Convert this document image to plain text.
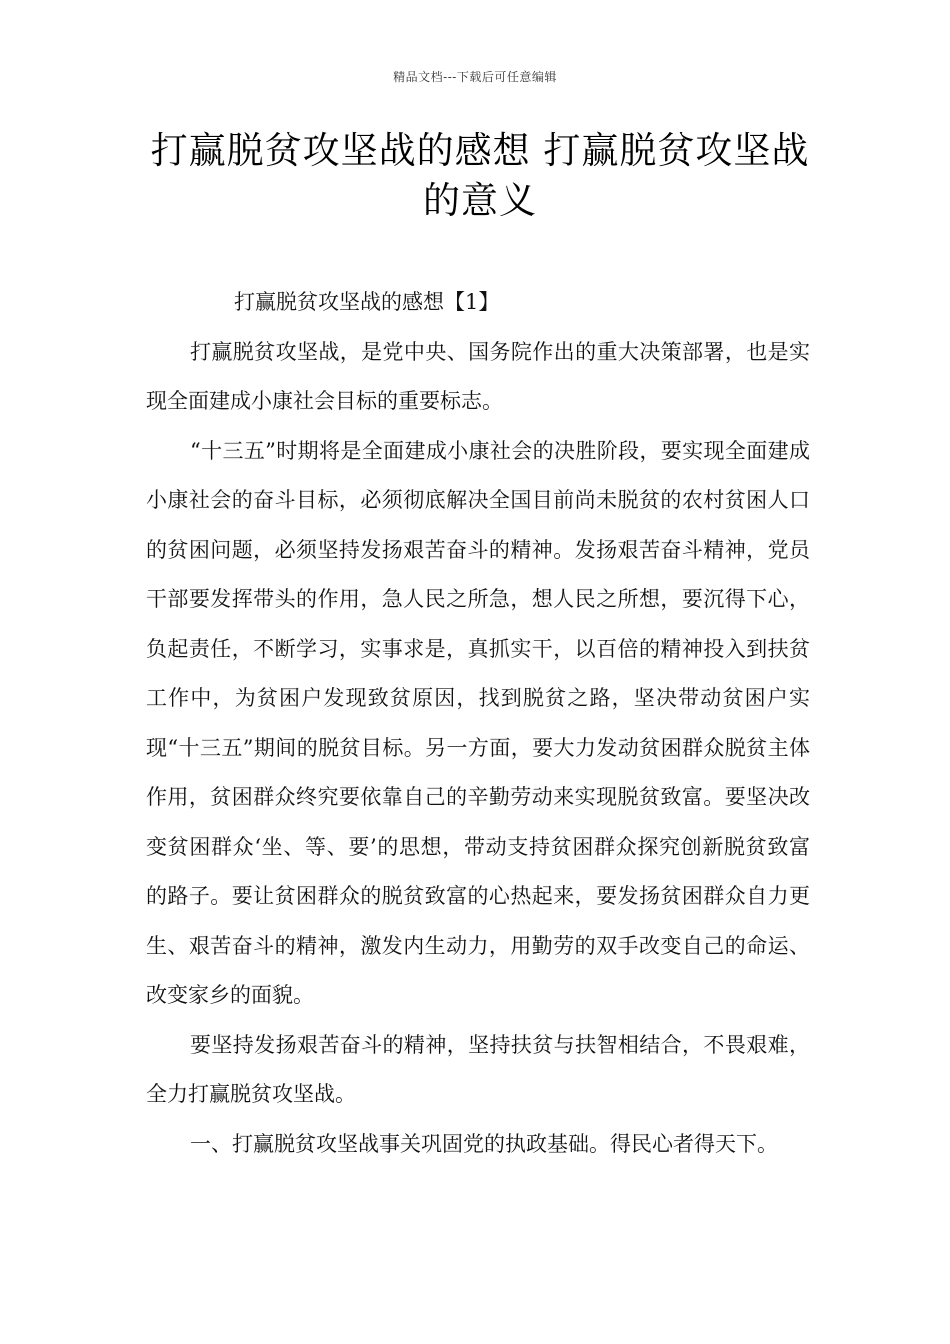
精品文档---下载后可任意编辑
打赢脱贫攻坚战的感想 打赢脱贫攻坚战的意义

打赢脱贫攻坚战的感想【1】

打赢脱贫攻坚战，是党中央、国务院作出的重大决策部署，也是实现全面建成小康社会目标的重要标志。

“十三五”时期将是全面建成小康社会的决胜阶段，要实现全面建成小康社会的奋斗目标，必须彻底解决全国目前尚未脱贫的农村贫困人口的贫困问题，必须坚持发扬艰苦奋斗的精神。发扬艰苦奋斗精神，党员干部要发挥带头的作用，急人民之所急，想人民之所想，要沉得下心，负起责任，不断学习，实事求是，真抓实干，以百倍的精神投入到扶贫工作中，为贫困户发现致贫原因，找到脱贫之路，坚决带动贫困户实现“十三五”期间的脱贫目标。另一方面，要大力发动贫困群众脱贫主体作用，贫困群众终究要依靠自己的辛勤劳动来实现脱贫致富。要坚决改变贫困群众‘坐、等、要’的思想，带动支持贫困群众探究创新脱贫致富的路子。要让贫困群众的脱贫致富的心热起来，要发扬贫困群众自力更生、艰苦奋斗的精神，激发内生动力，用勤劳的双手改变自己的命运、改变家乡的面貌。

要坚持发扬艰苦奋斗的精神，坚持扶贫与扶智相结合，不畏艰难，全力打赢脱贫攻坚战。

一、打赢脱贫攻坚战事关巩固党的执政基础。得民心者得天下。
